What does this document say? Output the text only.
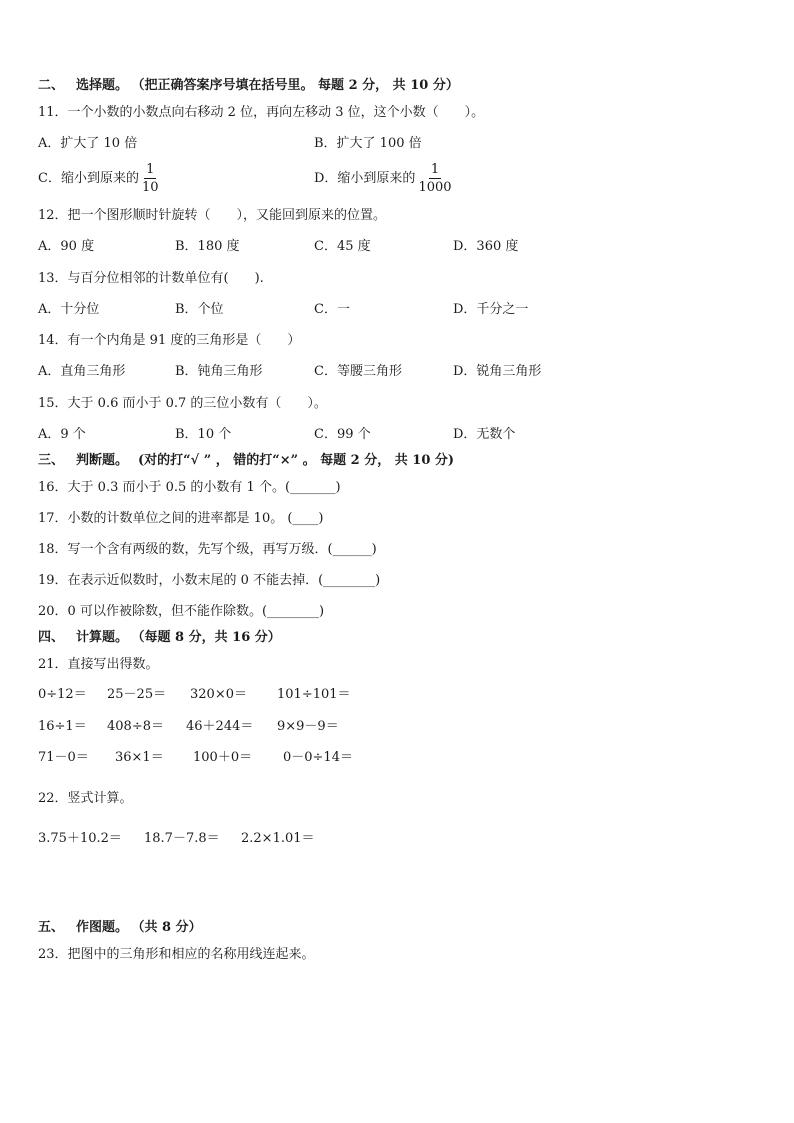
二、 选择题。 （把正确答案序号填在括号里。 每题 2 分， 共 10 分）
11．一个小数的小数点向右移动 2 位，再向左移动 3 位，这个小数（　　）。
A．扩大了 10 倍	B．扩大了 100 倍
C．缩小到原来的 $\frac{1}{10}$	D．缩小到原来的 $\frac{1}{1000}$
12．把一个图形顺时针旋转（　　），又能回到原来的位置。
A．90 度	B．180 度	C．45 度	D．360 度
13．与百分位相邻的计数单位有(　　).
A．十分位	B．个位	C．一	D．千分之一
14．有一个内角是 91 度的三角形是（　　）
A．直角三角形	B．钝角三角形	C．等腰三角形	D．锐角三角形
15．大于 0.6 而小于 0.7 的三位小数有（　　）。
A．9 个	B．10 个	C．99 个	D．无数个
三、 判断题。 (对的打“√ ” ， 错的打“×” 。 每题 2 分， 共 10 分)
16．大于 0.3 而小于 0.5 的小数有 1 个。(_______)
17．小数的计数单位之间的进率都是 10。 (____)
18．写一个含有两级的数，先写个级，再写万级．(______)
19．在表示近似数时，小数末尾的 0 不能去掉．(________)
20．0 可以作被除数，但不能作除数。(________)
四、 计算题。 （每题 8 分，共 16 分）
21．直接写出得数。
0÷12＝ 25－25＝ 320×0＝ 101÷101＝
16÷1＝ 408÷8＝ 46＋244＝ 9×9－9＝
71－0＝ 36×1＝ 100＋0＝ 0－0÷14＝
22．竖式计算。
3.75＋10.2＝ 18.7－7.8＝ 2.2×1.01＝
五、 作图题。 （共 8 分）
23．把图中的三角形和相应的名称用线连起来。
